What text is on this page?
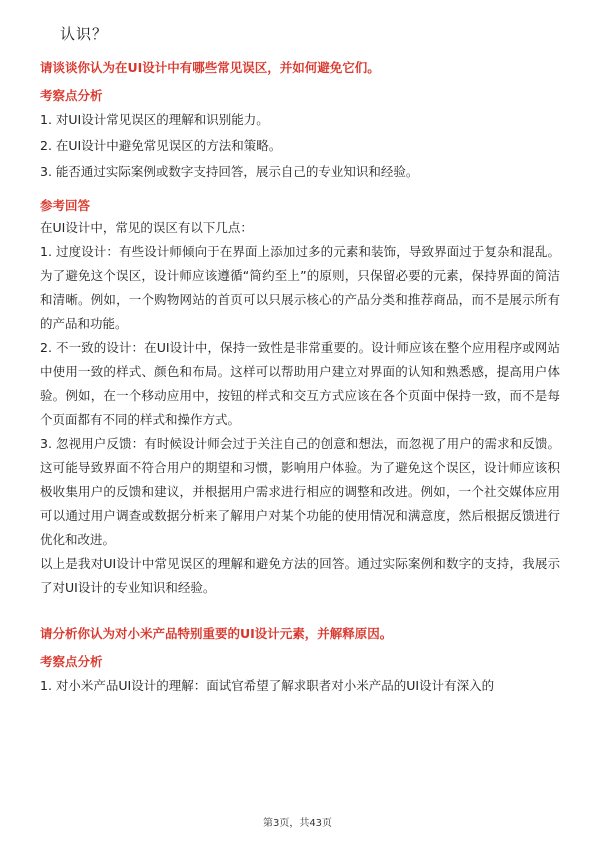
认识？
请谈谈你认为在UI设计中有哪些常见误区，并如何避免它们。
考察点分析
1. 对UI设计常见误区的理解和识别能力。
2. 在UI设计中避免常见误区的方法和策略。
3. 能否通过实际案例或数字支持回答，展示自己的专业知识和经验。
参考回答

在UI设计中，常见的误区有以下几点：

1. 过度设计：有些设计师倾向于在界面上添加过多的元素和装饰，导致界面过于复杂和混乱。为了避免这个误区，设计师应该遵循“简约至上”的原则，只保留必要的元素，保持界面的简洁和清晰。例如，一个购物网站的首页可以只展示核心的产品分类和推荐商品，而不是展示所有的产品和功能。

2. 不一致的设计：在UI设计中，保持一致性是非常重要的。设计师应该在整个应用程序或网站中使用一致的样式、颜色和布局。这样可以帮助用户建立对界面的认知和熟悉感，提高用户体验。例如，在一个移动应用中，按钮的样式和交互方式应该在各个页面中保持一致，而不是每个页面都有不同的样式和操作方式。

3. 忽视用户反馈：有时候设计师会过于关注自己的创意和想法，而忽视了用户的需求和反馈。这可能导致界面不符合用户的期望和习惯，影响用户体验。为了避免这个误区，设计师应该积极收集用户的反馈和建议，并根据用户需求进行相应的调整和改进。例如，一个社交媒体应用可以通过用户调查或数据分析来了解用户对某个功能的使用情况和满意度，然后根据反馈进行优化和改进。

以上是我对UI设计中常见误区的理解和避免方法的回答。通过实际案例和数字的支持，我展示了对UI设计的专业知识和经验。

请分析你认为对小米产品特别重要的UI设计元素，并解释原因。
考察点分析
1. 对小米产品UI设计的理解：面试官希望了解求职者对小米产品的UI设计有深入的
第3页，共43页
